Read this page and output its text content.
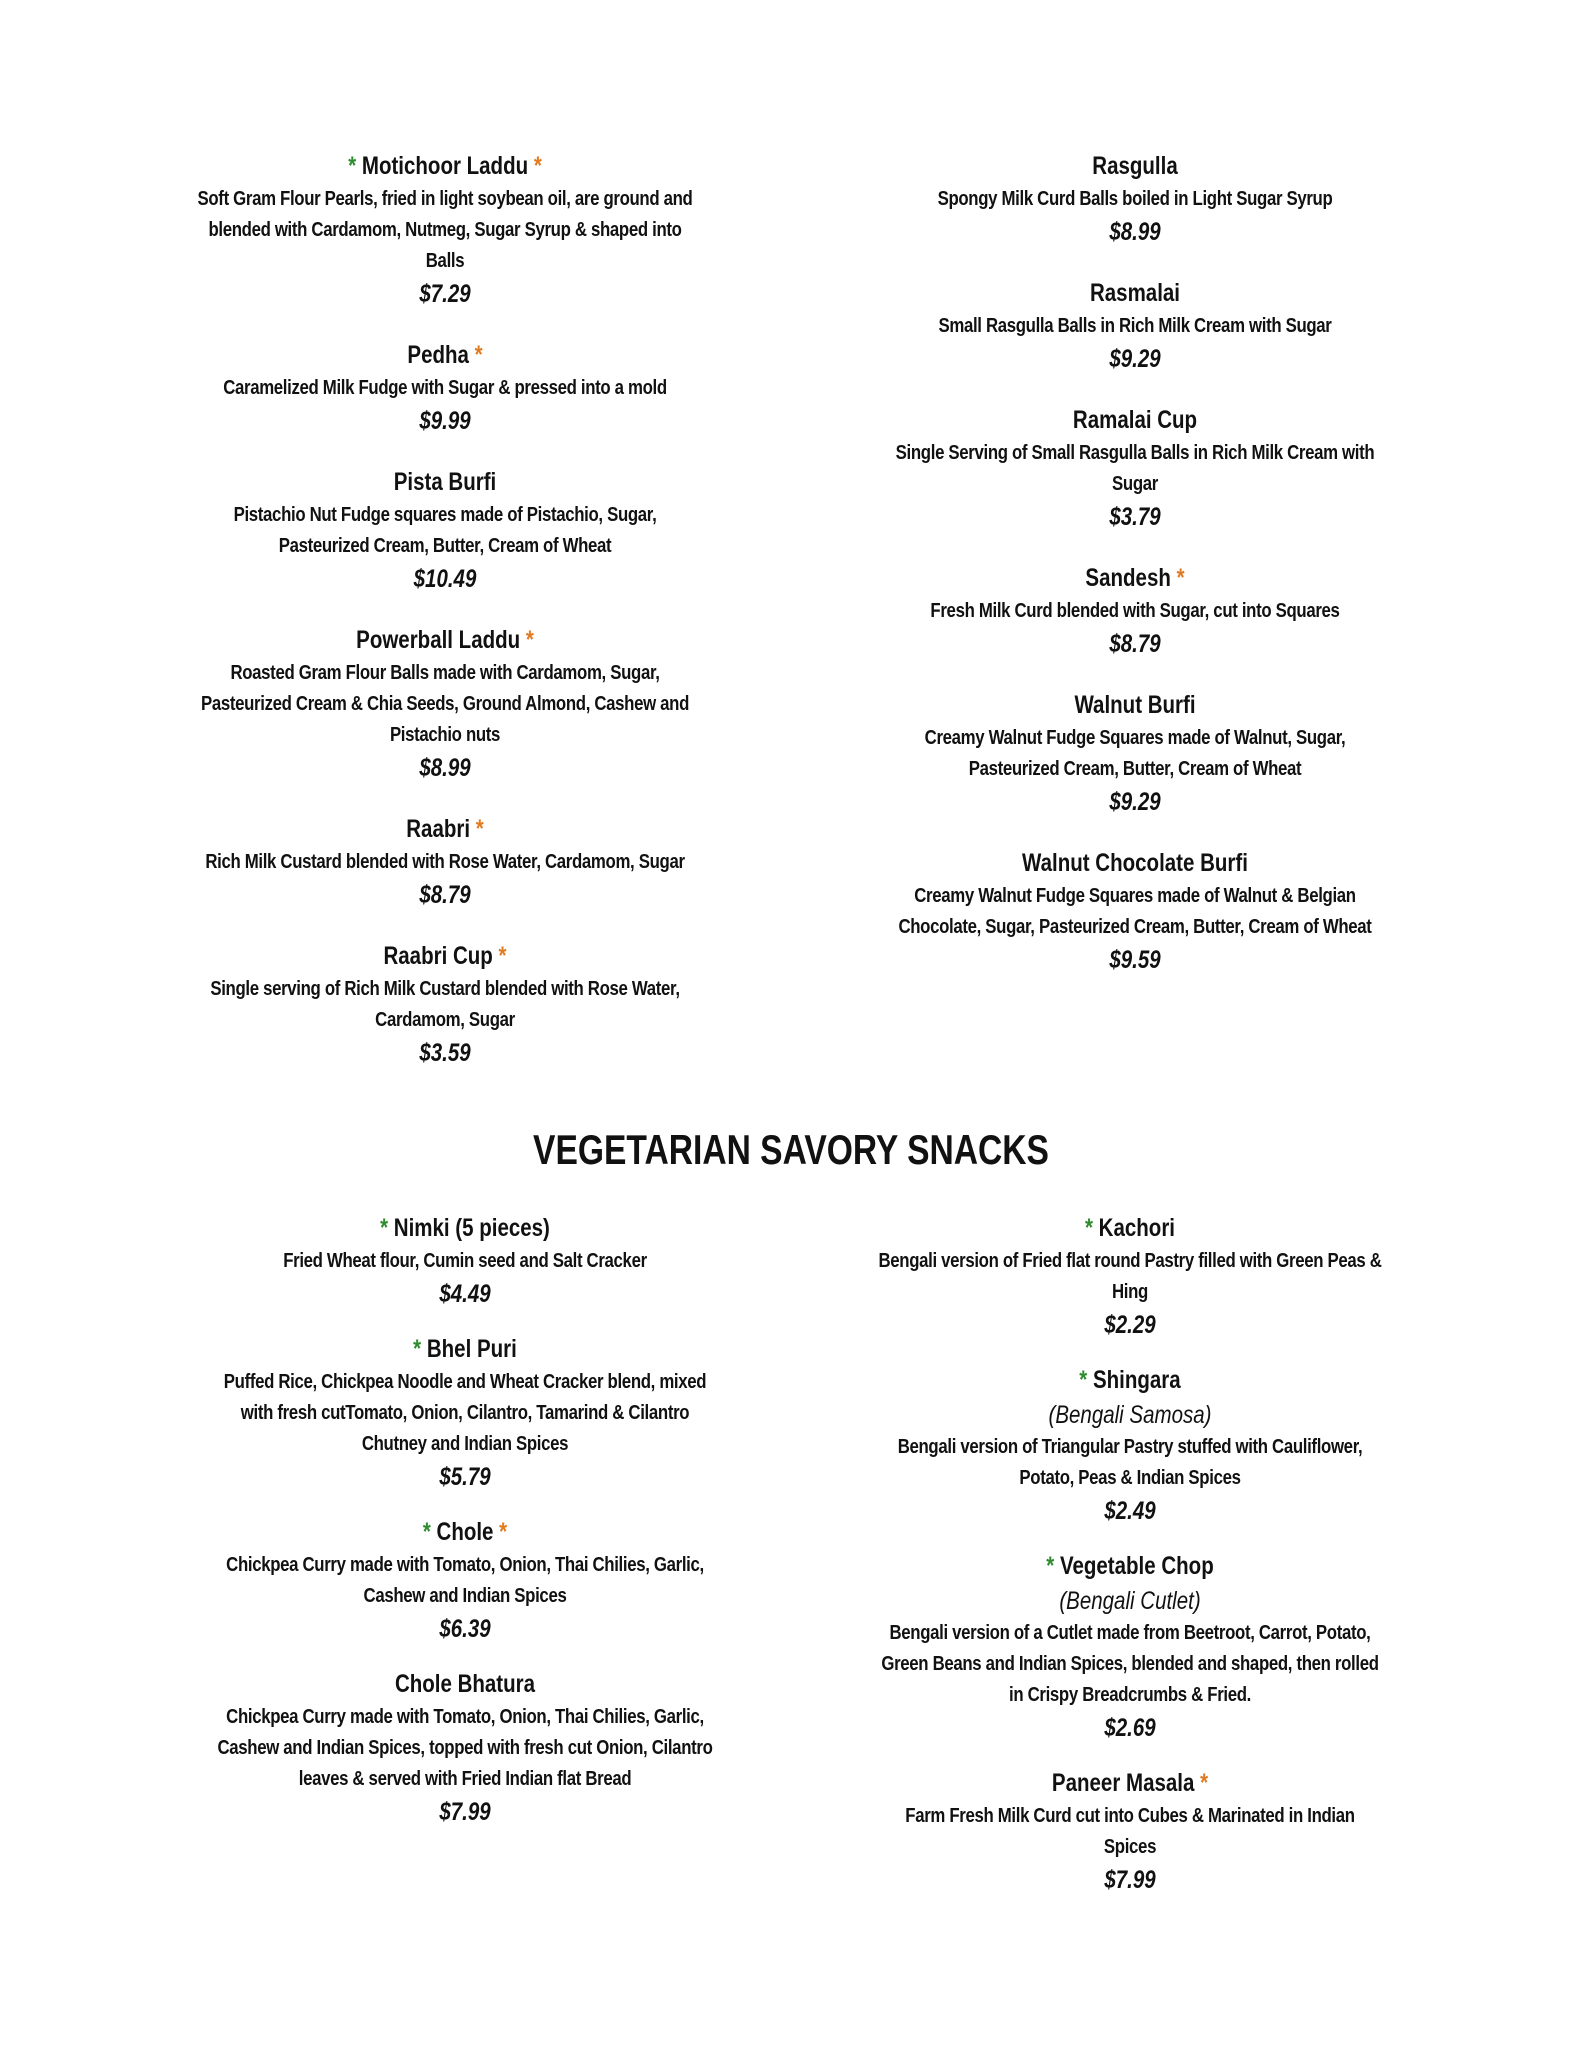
* Motichoor Laddu *
Soft Gram Flour Pearls, fried in light soybean oil, are ground and blended with Cardamom, Nutmeg, Sugar Syrup & shaped into Balls
$7.29
Pedha *
Caramelized Milk Fudge with Sugar & pressed into a mold
$9.99
Pista Burfi
Pistachio Nut Fudge squares made of Pistachio, Sugar, Pasteurized Cream, Butter, Cream of Wheat
$10.49
Powerball Laddu *
Roasted Gram Flour Balls made with Cardamom, Sugar, Pasteurized Cream & Chia Seeds, Ground Almond, Cashew and Pistachio nuts
$8.99
Raabri *
Rich Milk Custard blended with Rose Water, Cardamom, Sugar
$8.79
Raabri Cup *
Single serving of Rich Milk Custard blended with Rose Water, Cardamom, Sugar
$3.59
Rasgulla
Spongy Milk Curd Balls boiled in Light Sugar Syrup
$8.99
Rasmalai
Small Rasgulla Balls in Rich Milk Cream with Sugar
$9.29
Ramalai Cup
Single Serving of Small Rasgulla Balls in Rich Milk Cream with Sugar
$3.79
Sandesh *
Fresh Milk Curd blended with Sugar, cut into Squares
$8.79
Walnut Burfi
Creamy Walnut Fudge Squares made of Walnut, Sugar, Pasteurized Cream, Butter, Cream of Wheat
$9.29
Walnut Chocolate Burfi
Creamy Walnut Fudge Squares made of Walnut & Belgian Chocolate, Sugar, Pasteurized Cream, Butter, Cream of Wheat
$9.59
VEGETARIAN SAVORY SNACKS
* Nimki (5 pieces)
Fried Wheat flour, Cumin seed and Salt Cracker
$4.49
* Bhel Puri
Puffed Rice, Chickpea Noodle and Wheat Cracker blend, mixed with fresh cutTomato, Onion, Cilantro, Tamarind & Cilantro Chutney and Indian Spices
$5.79
* Chole *
Chickpea Curry made with Tomato, Onion, Thai Chilies, Garlic, Cashew and Indian Spices
$6.39
Chole Bhatura
Chickpea Curry made with Tomato, Onion, Thai Chilies, Garlic, Cashew and Indian Spices, topped with fresh cut Onion, Cilantro leaves & served with Fried Indian flat Bread
$7.99
* Kachori
Bengali version of Fried flat round Pastry filled with Green Peas & Hing
$2.29
* Shingara
(Bengali Samosa)
Bengali version of Triangular Pastry stuffed with Cauliflower, Potato, Peas & Indian Spices
$2.49
* Vegetable Chop
(Bengali Cutlet)
Bengali version of a Cutlet made from Beetroot, Carrot, Potato, Green Beans and Indian Spices, blended and shaped, then rolled in Crispy Breadcrumbs & Fried.
$2.69
Paneer Masala *
Farm Fresh Milk Curd cut into Cubes & Marinated in Indian Spices
$7.99
